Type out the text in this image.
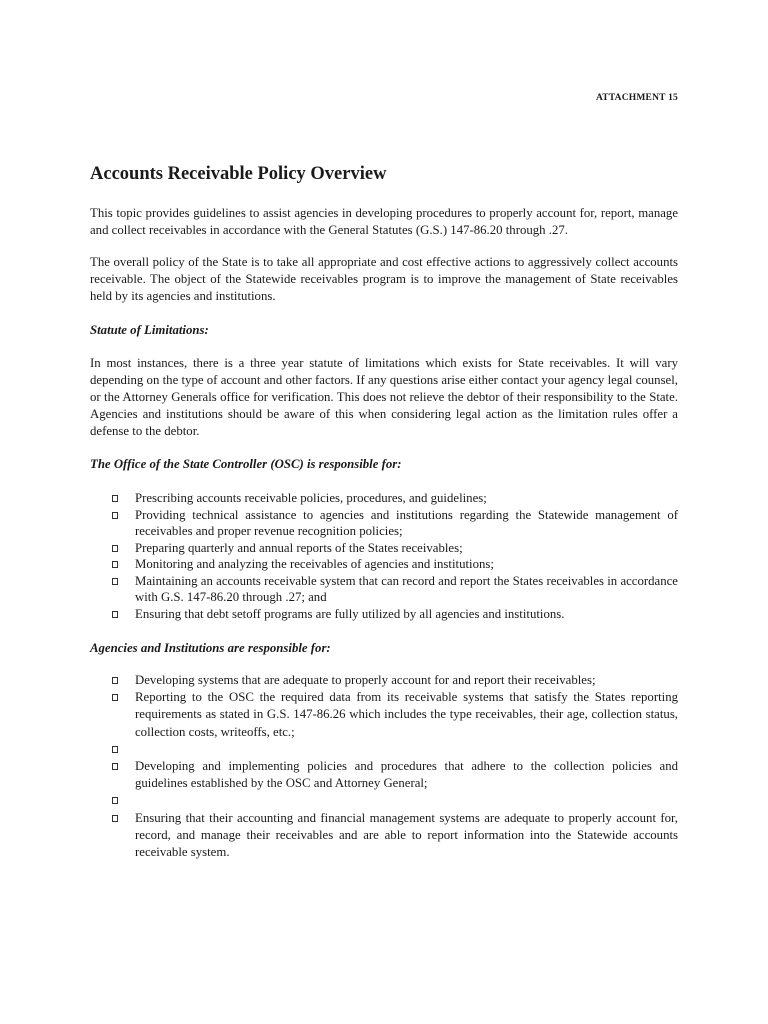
ATTACHMENT 15
Accounts Receivable Policy Overview

This topic provides guidelines to assist agencies in developing procedures to properly account for, report, manage and collect receivables in accordance with the General Statutes (G.S.) 147-86.20 through .27.

The overall policy of the State is to take all appropriate and cost effective actions to aggressively collect accounts receivable. The object of the Statewide receivables program is to improve the management of State receivables held by its agencies and institutions.

Statute of Limitations:

In most instances, there is a three year statute of limitations which exists for State receivables. It will vary depending on the type of account and other factors. If any questions arise either contact your agency legal counsel, or the Attorney Generals office for verification. This does not relieve the debtor of their responsibility to the State. Agencies and institutions should be aware of this when considering legal action as the limitation rules offer a defense to the debtor.

The Office of the State Controller (OSC) is responsible for:

Prescribing accounts receivable policies, procedures, and guidelines;
Providing technical assistance to agencies and institutions regarding the Statewide management of receivables and proper revenue recognition policies;
Preparing quarterly and annual reports of the States receivables;
Monitoring and analyzing the receivables of agencies and institutions;
Maintaining an accounts receivable system that can record and report the States receivables in accordance with G.S. 147-86.20 through .27; and
Ensuring that debt setoff programs are fully utilized by all agencies and institutions.

Agencies and Institutions are responsible for:

Developing systems that are adequate to properly account for and report their receivables;
Reporting to the OSC the required data from its receivable systems that satisfy the States reporting requirements as stated in G.S. 147-86.26 which includes the type receivables, their age, collection status, collection costs, writeoffs, etc.;
Developing and implementing policies and procedures that adhere to the collection policies and guidelines established by the OSC and Attorney General;
Ensuring that their accounting and financial management systems are adequate to properly account for, record, and manage their receivables and are able to report information into the Statewide accounts receivable system.
